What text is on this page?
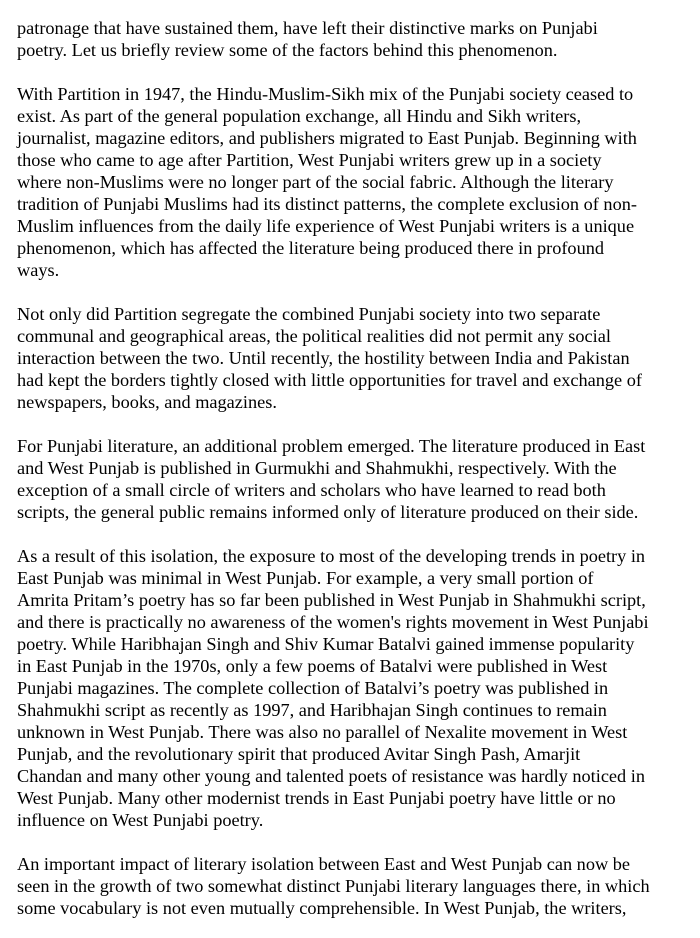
patronage that have sustained them, have left their distinctive marks on Punjabi
poetry. Let us briefly review some of the factors behind this phenomenon.

With Partition in 1947, the Hindu-Muslim-Sikh mix of the Punjabi society ceased to
exist. As part of the general population exchange, all Hindu and Sikh writers,
journalist, magazine editors, and publishers migrated to East Punjab. Beginning with
those who came to age after Partition, West Punjabi writers grew up in a society
where non-Muslims were no longer part of the social fabric. Although the literary
tradition of Punjabi Muslims had its distinct patterns, the complete exclusion of non-
Muslim influences from the daily life experience of West Punjabi writers is a unique
phenomenon, which has affected the literature being produced there in profound
ways.

Not only did Partition segregate the combined Punjabi society into two separate
communal and geographical areas, the political realities did not permit any social
interaction between the two. Until recently, the hostility between India and Pakistan
had kept the borders tightly closed with little opportunities for travel and exchange of
newspapers, books, and magazines.

For Punjabi literature, an additional problem emerged. The literature produced in East
and West Punjab is published in Gurmukhi and Shahmukhi, respectively. With the
exception of a small circle of writers and scholars who have learned to read both
scripts, the general public remains informed only of literature produced on their side.

As a result of this isolation, the exposure to most of the developing trends in poetry in
East Punjab was minimal in West Punjab. For example, a very small portion of
Amrita Pritam’s poetry has so far been published in West Punjab in Shahmukhi script,
and there is practically no awareness of the women's rights movement in West Punjabi
poetry. While Haribhajan Singh and Shiv Kumar Batalvi gained immense popularity
in East Punjab in the 1970s, only a few poems of Batalvi were published in West
Punjabi magazines. The complete collection of Batalvi’s poetry was published in
Shahmukhi script as recently as 1997, and Haribhajan Singh continues to remain
unknown in West Punjab. There was also no parallel of Nexalite movement in West
Punjab, and the revolutionary spirit that produced Avitar Singh Pash, Amarjit
Chandan and many other young and talented poets of resistance was hardly noticed in
West Punjab. Many other modernist trends in East Punjabi poetry have little or no
influence on West Punjabi poetry.

An important impact of literary isolation between East and West Punjab can now be
seen in the growth of two somewhat distinct Punjabi literary languages there, in which
some vocabulary is not even mutually comprehensible. In West Punjab, the writers,
